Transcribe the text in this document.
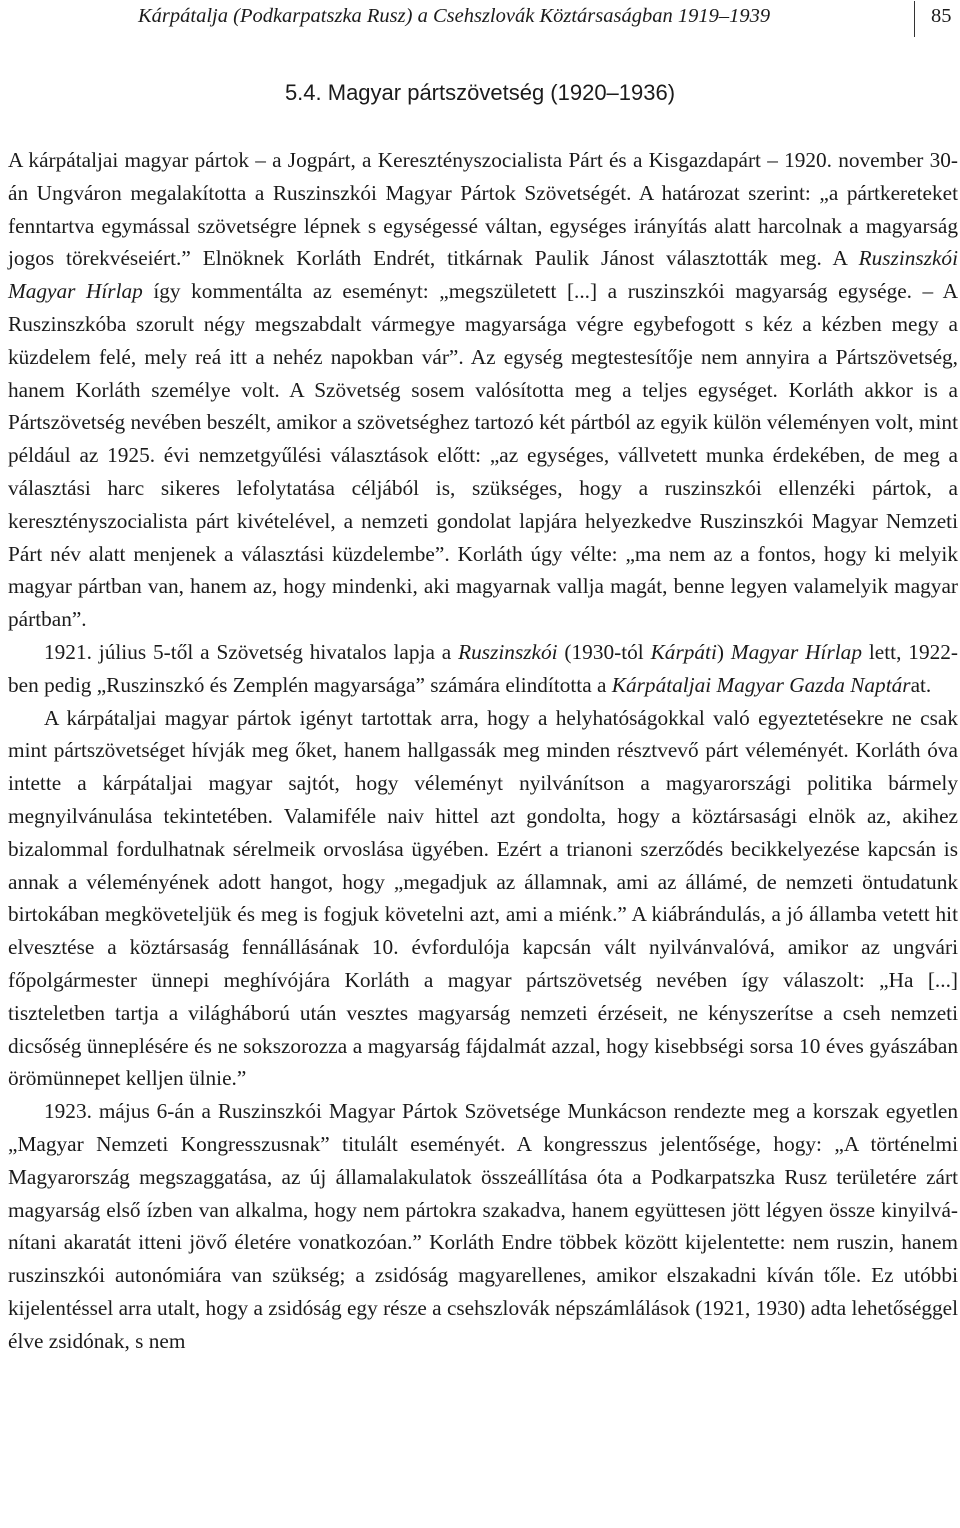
Kárpátalja (Podkarpatszka Rusz) a Csehszlovák Köztársaságban 1919–1939	85
5.4. Magyar pártszövetség (1920–1936)

A kárpátaljai magyar pártok – a Jogpárt, a Keresztényszocialista Párt és a Kisgazdapárt – 1920. november 30-án Ungváron megalakította a Ruszinszkói Magyar Pártok Szövetségét. A határozat szerint: „a pártkereteket fenntartva egymással szövetségre lépnek s egységessé váltan, egységes irányítás alatt harcolnak a magyarság jogos törekvéseiért.” Elnöknek Korláth Endrét, titkárnak Paulik Jánost választották meg. A Ruszinszkói Magyar Hírlap így kommentálta az eseményt: „megszületett [...] a ruszinszkói magyarság egysége. – A Ruszinszkóba szorult négy megszabdalt vármegye magyarsága végre egybefogott s kéz a kézben megy a küzdelem felé, mely reá itt a nehéz napokban vár”. Az egység megtestesítője nem annyira a Pártszövetség, hanem Korláth személye volt. A Szövetség sosem valósította meg a teljes egységet. Korláth akkor is a Pártszövetség nevében beszélt, amikor a szövetséghez tartozó két pártból az egyik külön véleményen volt, mint például az 1925. évi nemzetgyűlési választások előtt: „az egységes, vállvetett munka érdekében, de meg a választási harc sikeres lefolytatása céljából is, szükséges, hogy a ruszinszkói ellenzéki pártok, a keresztényszocialista párt kivételével, a nemzeti gondolat lapjára helyezkedve Ruszinszkói Magyar Nemzeti Párt név alatt menjenek a választási küzdelembe”. Korláth úgy vélte: „ma nem az a fontos, hogy ki melyik magyar pártban van, hanem az, hogy mindenki, aki magyarnak vallja magát, benne legyen valamelyik magyar pártban”.

1921. július 5-től a Szövetség hivatalos lapja a Ruszinszkói (1930-tól Kárpáti) Magyar Hírlap lett, 1922-ben pedig „Ruszinszkó és Zemplén magyarsága” számára elindította a Kárpátaljai Magyar Gazda Naptárat.

A kárpátaljai magyar pártok igényt tartottak arra, hogy a helyhatóságokkal való egyeztetésekre ne csak mint pártszövetséget hívják meg őket, hanem hallgassák meg minden résztvevő párt véleményét. Korláth óva intette a kárpátaljai magyar sajtót, hogy véleményt nyilvánítson a magyarországi politika bármely megnyilvánulása tekintetében. Valamiféle naiv hittel azt gondolta, hogy a köztársasági elnök az, akihez bizalommal fordulhatnak sérelmeik orvoslása ügyében. Ezért a trianoni szerződés becikkelyezése kapcsán is annak a véleményének adott hangot, hogy „megadjuk az államnak, ami az állámé, de nemzeti öntudatunk birtokában megköveteljük és meg is fogjuk követelni azt, ami a miénk.” A kiábrándulás, a jó államba vetett hit elvesztése a köztársaság fennállásának 10. évfordulója kapcsán vált nyilvánvalóvá, amikor az ungvári főpolgármester ünnepi meghívójára Korláth a magyar pártszövetség nevében így válaszolt: „Ha [...] tiszteletben tartja a világháború után vesztes magyarság nemzeti érzéseit, ne kényszerítse a cseh nemzeti dicsőség ünneplésére és ne sokszorozza a magyarság fájdalmát azzal, hogy kisebbségi sorsa 10 éves gyászában örömünnepet kelljen ülnie.”

1923. május 6-án a Ruszinszkói Magyar Pártok Szövetsége Munkácson rendezte meg a korszak egyetlen „Magyar Nemzeti Kongresszusnak” titulált eseményét. A kongresszus jelentősége, hogy: „A történelmi Magyarország megszaggatása, az új államalakulatok összeállítása óta a Podkarpatszka Rusz területére zárt magyarság első ízben van alkalma, hogy nem pártokra szakadva, hanem együttesen jött légyen össze kinyilvánítani akaratát itteni jövő életére vonatkozóan.” Korláth Endre többek között kijelentette: nem ruszin, hanem ruszinszkói autonómiára van szükség; a zsidóság magyarellenes, amikor elszakadni kíván tőle. Ez utóbbi kijelentéssel arra utalt, hogy a zsidóság egy része a csehszlovák népszámlálások (1921, 1930) adta lehetőséggel élve zsidónak, s nem
